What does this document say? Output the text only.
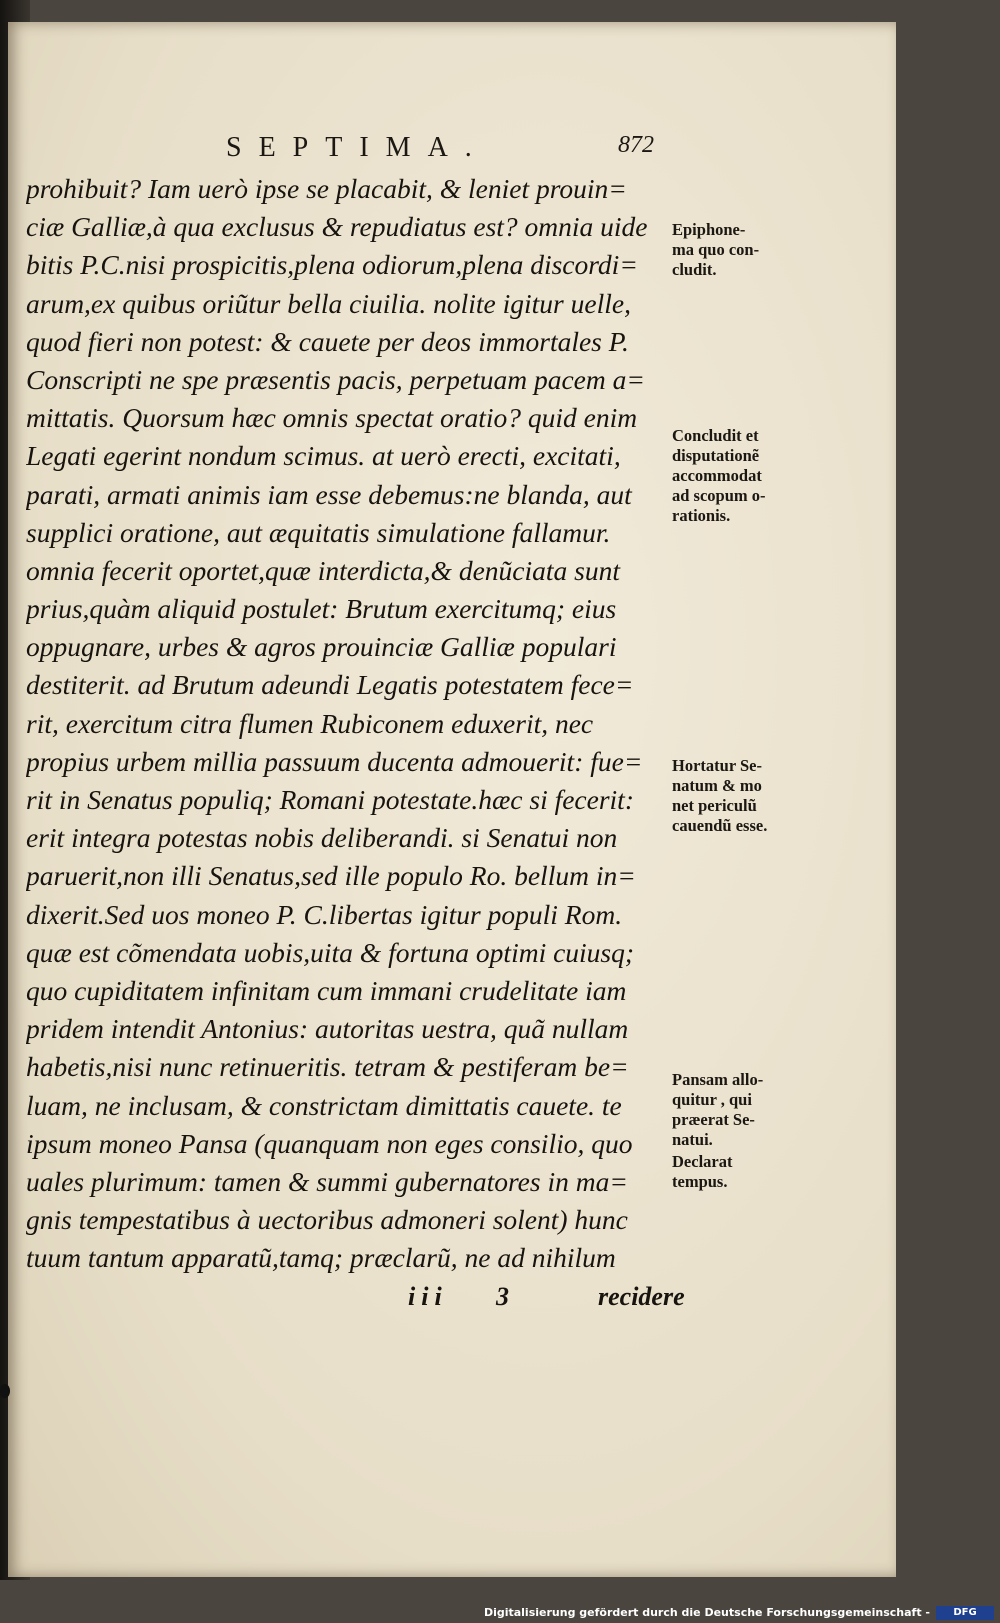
SEPTIMA.	872
prohibuit? Iam uerò ipse se placabit, & leniet prouin=
ciæ Galliæ,à qua exclusus & repudiatus est? omnia uide
bitis P.C.nisi prospicitis,plena odiorum,plena discordi=
arum,ex quibus oriũtur bella ciuilia. nolite igitur uelle,
quod fieri non potest: & cauete per deos immortales P.
Conscripti ne spe præsentis pacis, perpetuam pacem a=
mittatis. Quorsum hæc omnis spectat oratio? quid enim
Legati egerint nondum scimus. at uerò erecti, excitati,
parati, armati animis iam esse debemus:ne blanda, aut
supplici oratione, aut æquitatis simulatione fallamur.
omnia fecerit oportet,quæ interdicta,& denũciata sunt
prius,quàm aliquid postulet: Brutum exercitumq; eius
oppugnare, urbes & agros prouinciæ Galliæ populari
destiterit. ad Brutum adeundi Legatis potestatem fece=
rit, exercitum citra flumen Rubiconem eduxerit, nec
propius urbem millia passuum ducenta admouerit: fue=
rit in Senatus populiq; Romani potestate.hæc si fecerit:
erit integra potestas nobis deliberandi. si Senatui non
paruerit,non illi Senatus,sed ille populo Ro. bellum in=
dixerit.Sed uos moneo P. C.libertas igitur populi Rom.
quæ est cõmendata uobis,uita & fortuna optimi cuiusq;
quo cupiditatem infinitam cum immani crudelitate iam
pridem intendit Antonius: autoritas uestra, quã nullam
habetis,nisi nunc retinueritis. tetram & pestiferam be=
luam, ne inclusam, & constrictam dimittatis cauete. te
ipsum moneo Pansa (quanquam non eges consilio, quo
uales plurimum: tamen & summi gubernatores in ma=
gnis tempestatibus à uectoribus admoneri solent) hunc
tuum tantum apparatũ,tamq; præclarũ, ne ad nihilum
Epiphone-
ma quo con-
cludit.
Concludit et
disputationẽ
accommodat
ad scopum o-
rationis.
Hortatur Se-
natum & mo
net periculũ
cauendũ esse.
Pansam allo-
quitur , qui
præerat Se-
natui.
Declarat
tempus.
iii 3	recidere
Digitalisierung gefördert durch die Deutsche Forschungsgemeinschaft -	DFG
